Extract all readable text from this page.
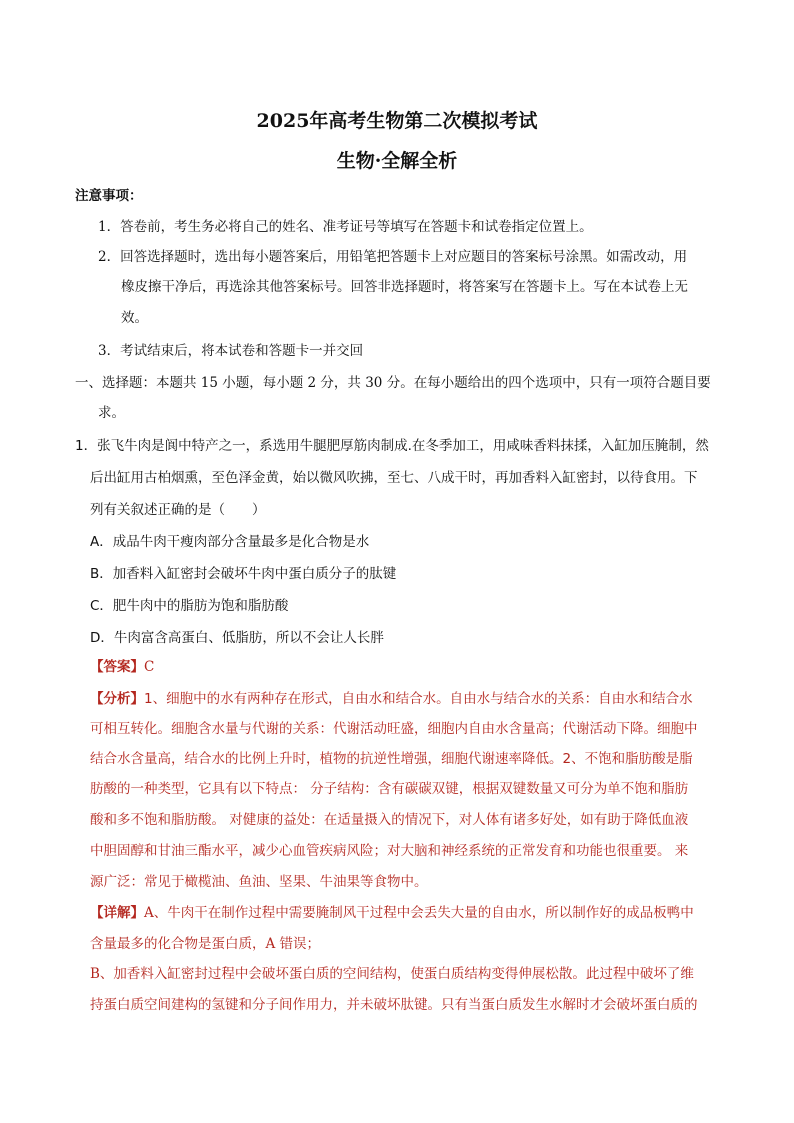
2025年高考生物第二次模拟考试
生物·全解全析
注意事项：
1．答卷前，考生务必将自己的姓名、准考证号等填写在答题卡和试卷指定位置上。
2．回答选择题时，选出每小题答案后，用铅笔把答题卡上对应题目的答案标号涂黑。如需改动，用
橡皮擦干净后，再选涂其他答案标号。回答非选择题时，将答案写在答题卡上。写在本试卷上无
效。
3．考试结束后，将本试卷和答题卡一并交回
一、选择题：本题共 15 小题，每小题 2 分，共 30 分。在每小题给出的四个选项中，只有一项符合题目要
求。
1．张飞牛肉是阆中特产之一，系选用牛腿肥厚筋肉制成.在冬季加工，用咸味香料抹揉，入缸加压腌制，然
后出缸用古柏烟熏，至色泽金黄，始以微风吹拂，至七、八成干时，再加香料入缸密封，以待食用。下
列有关叙述正确的是（　　）
A．成品牛肉干瘦肉部分含量最多是化合物是水
B．加香料入缸密封会破坏牛肉中蛋白质分子的肽键
C．肥牛肉中的脂肪为饱和脂肪酸
D．牛肉富含高蛋白、低脂肪，所以不会让人长胖
【答案】C
【分析】1、细胞中的水有两种存在形式，自由水和结合水。自由水与结合水的关系：自由水和结合水
可相互转化。细胞含水量与代谢的关系：代谢活动旺盛，细胞内自由水含量高；代谢活动下降。细胞中
结合水含量高，结合水的比例上升时，植物的抗逆性增强，细胞代谢速率降低。2、不饱和脂肪酸是脂
肪酸的一种类型，它具有以下特点： 分子结构：含有碳碳双键，根据双键数量又可分为单不饱和脂肪
酸和多不饱和脂肪酸。 对健康的益处：在适量摄入的情况下，对人体有诸多好处，如有助于降低血液
中胆固醇和甘油三酯水平，减少心血管疾病风险；对大脑和神经系统的正常发育和功能也很重要。 来
源广泛：常见于橄榄油、鱼油、坚果、牛油果等食物中。
【详解】A、牛肉干在制作过程中需要腌制风干过程中会丢失大量的自由水，所以制作好的成品板鸭中
含量最多的化合物是蛋白质，A 错误；
B、加香料入缸密封过程中会破坏蛋白质的空间结构，使蛋白质结构变得伸展松散。此过程中破坏了维
持蛋白质空间建构的氢键和分子间作用力，并未破坏肽键。只有当蛋白质发生水解时才会破坏蛋白质的
